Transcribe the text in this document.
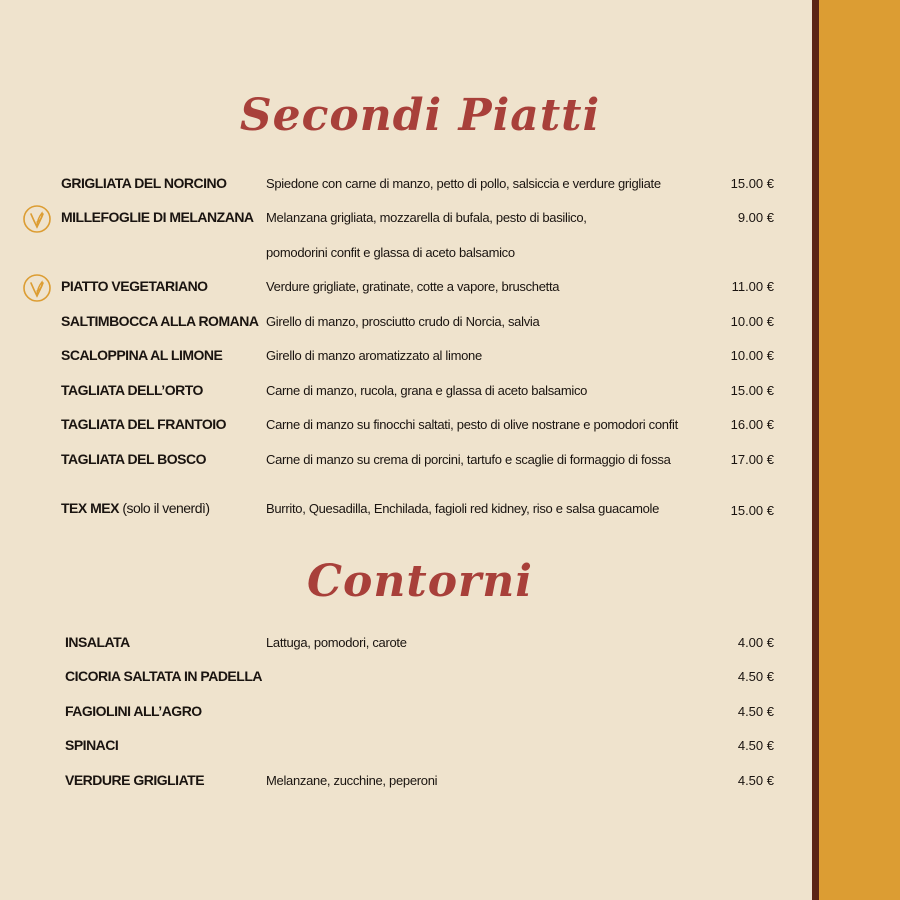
Secondi Piatti
GRIGLIATA DEL NORCINO	Spiedone con carne di manzo, petto di pollo, salsiccia e verdure grigliate	15.00 €
MILLEFOGLIE DI MELANZANA Melanzana grigliata, mozzarella di bufala, pesto di basilico,	9.00 €
pomodorini confit e glassa di aceto balsamico
PIATTO VEGETARIANO	Verdure grigliate, gratinate, cotte a vapore, bruschetta	11.00 €
SALTIMBOCCA ALLA ROMANA Girello di manzo, prosciutto crudo di Norcia, salvia	10.00 €
SCALOPPINA AL LIMONE	Girello di manzo aromatizzato al limone	10.00 €
TAGLIATA DELL’ORTO	Carne di manzo, rucola, grana e glassa di aceto balsamico	15.00 €
TAGLIATA DEL FRANTOIO	Carne di manzo su finocchi saltati, pesto di olive nostrane e pomodori confit	16.00 €
TAGLIATA DEL BOSCO	Carne di manzo su crema di porcini, tartufo e scaglie di formaggio di fossa	17.00 €
TEX MEX (solo il venerdì)	Burrito, Quesadilla, Enchilada, fagioli red kidney, riso e salsa guacamole	15.00 €
Contorni
INSALATA	Lattuga, pomodori, carote	4.00 €
CICORIA SALTATA IN PADELLA	4.50 €
FAGIOLINI ALL’AGRO	4.50 €
SPINACI	4.50 €
VERDURE GRIGLIATE	Melanzane, zucchine, peperoni	4.50 €
